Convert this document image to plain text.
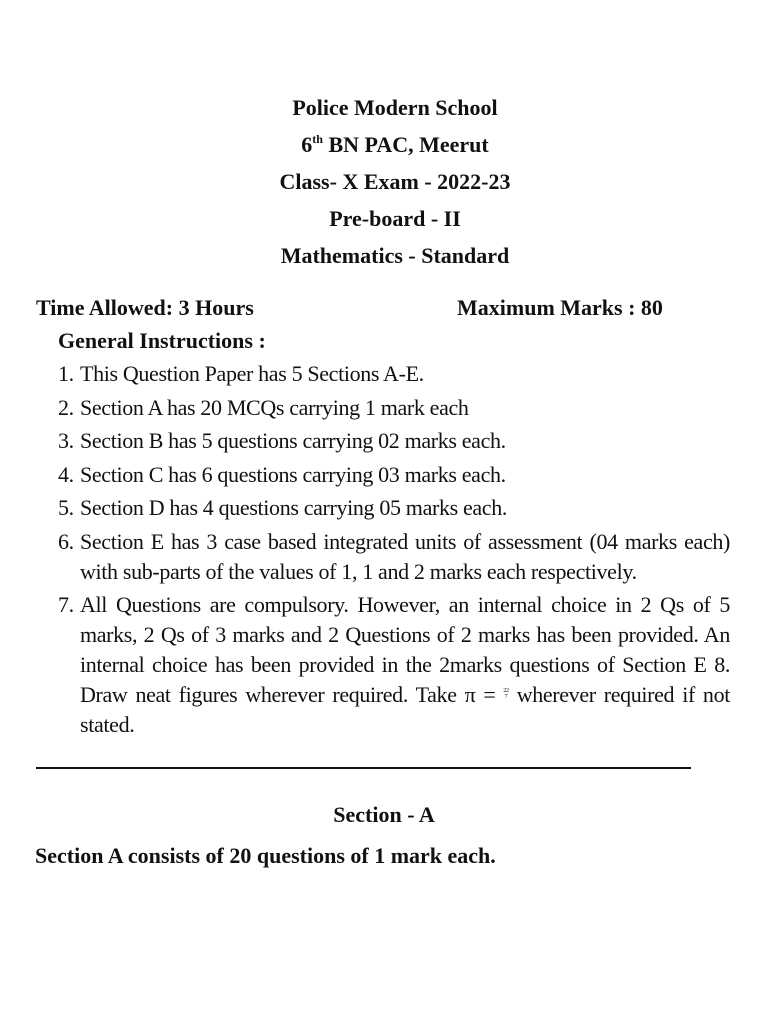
Police Modern School
6th BN PAC, Meerut
Class- X Exam - 2022-23
Pre-board - II
Mathematics - Standard
Time Allowed: 3 Hours	Maximum Marks : 80
General Instructions :
1. This Question Paper has 5 Sections A-E.
2. Section A has 20 MCQs carrying 1 mark each
3. Section B has 5 questions carrying 02 marks each.
4. Section C has 6 questions carrying 03 marks each.
5. Section D has 4 questions carrying 05 marks each.
6. Section E has 3 case based integrated units of assessment (04 marks each) with sub-parts of the values of 1, 1 and 2 marks each respectively.
7. All Questions are compulsory. However, an internal choice in 2 Qs of 5 marks, 2 Qs of 3 marks and 2 Questions of 2 marks has been provided. An internal choice has been provided in the 2marks questions of Section E 8. Draw neat figures wherever required. Take π = 22
7 wherever required if not stated.
Section - A
Section A consists of 20 questions of 1 mark each.
